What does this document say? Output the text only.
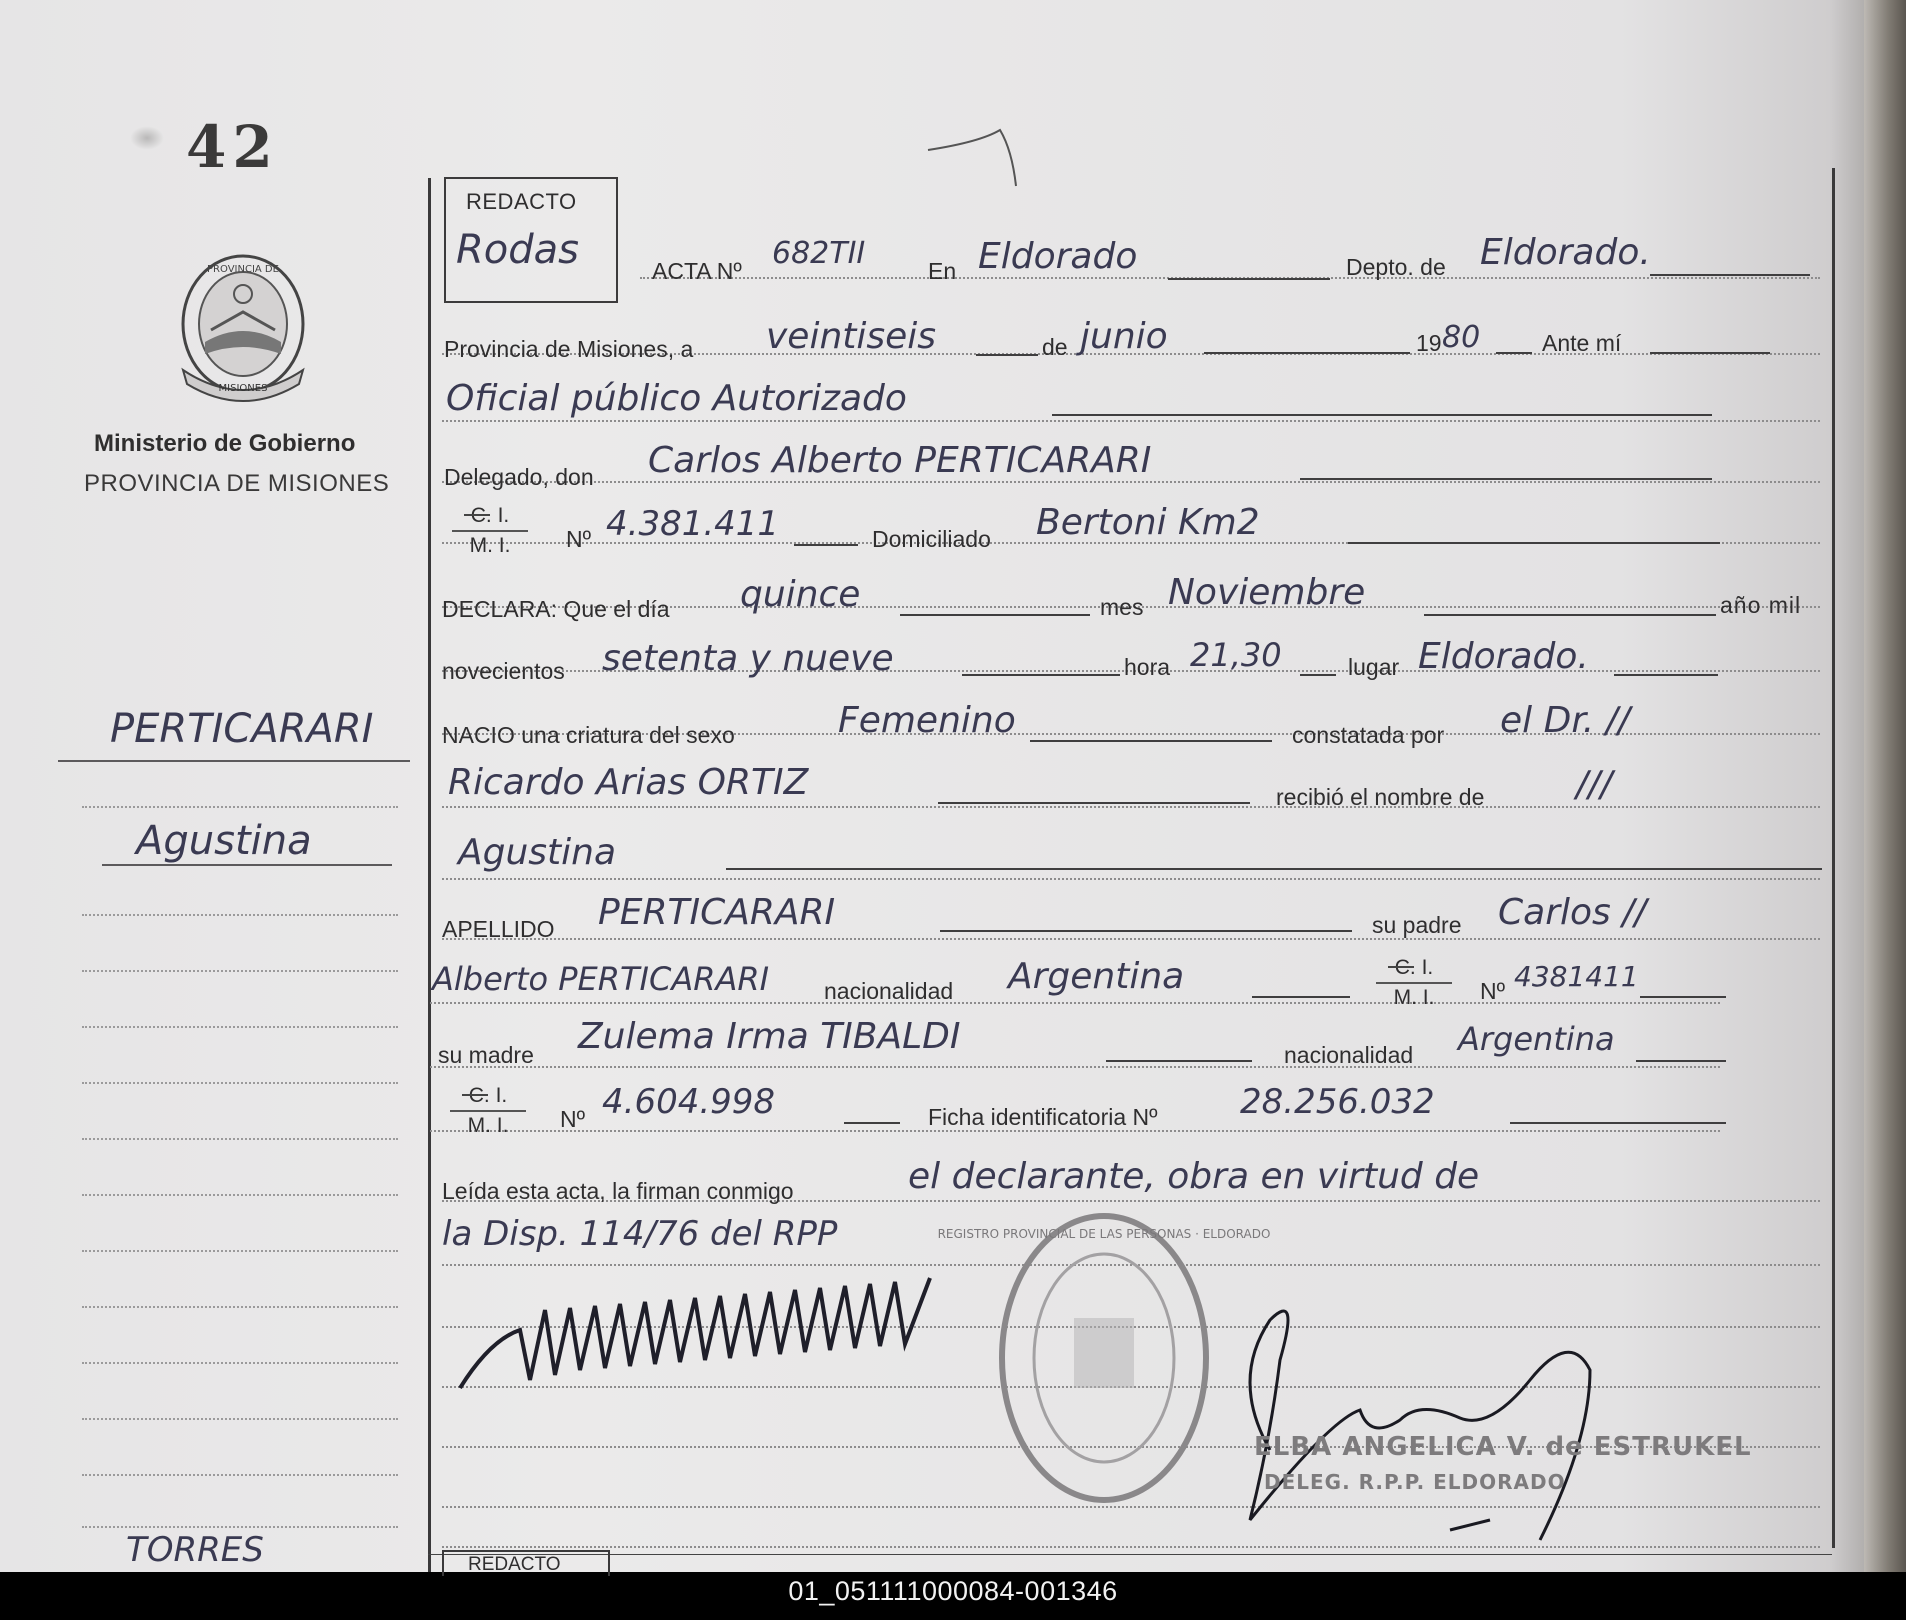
42
PROVINCIA DE
MISIONES
Ministerio de Gobierno
PROVINCIA DE MISIONES
PERTICARARI
Agustina
TORRES
REDACTO
Rodas	ACTA Nº 682TII	En Eldorado	Depto. de Eldorado.
Provincia de Misiones, a veintiseis	de junio	19 80	Ante mí
Oficial público Autorizado
Delegado, don Carlos Alberto PERTICARARI
C. I.
M. I.	Nº 4.381.411	Domiciliado Bertoni Km2
DECLARA: Que el día quince	mes Noviembre	año mil
novecientos setenta y nueve	hora 21,30	lugar Eldorado.
NACIO una criatura del sexo	Femenino	constatada por el Dr. //
Ricardo Arias ORTIZ	recibió el nombre de	///
Agustina
APELLIDO PERTICARARI	su padre Carlos //
Alberto PERTICARARI nacionalidad Argentina	C. I.
M. I.	Nº 4381411
su madre Zulema Irma TIBALDI	nacionalidad Argentina
C. I.
M. I.	Nº 4.604.998	Ficha identificatoria Nº 28.256.032
Leída esta acta, la firman conmigo	el declarante, obra en virtud de
la Disp. 114/76 del RPP	REGISTRO PROVINCIAL DE LAS PERSONAS · ELDORADO
ELBA ANGELICA V. de ESTRUKEL
DELEG. R.P.P. ELDORADO
REDACTO
01_051111000084-001346
